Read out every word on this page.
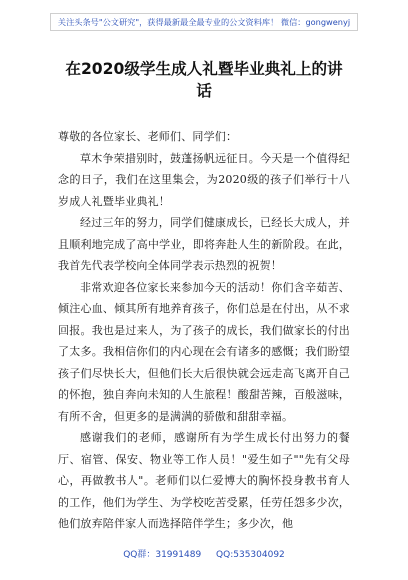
关注头条号"公文研究"，获得最新最全最专业的公文资料库！ 微信：gongwenyj
在2020级学生成人礼暨毕业典礼上的讲话

尊敬的各位家长、老师们、同学们：

草木争荣措别时，鼓蓬扬帆远征日。今天是一个值得纪念的日子，我们在这里集会，为2020级的孩子们举行十八岁成人礼暨毕业典礼！

经过三年的努力，同学们健康成长，已经长大成人，并且顺利地完成了高中学业，即将奔赴人生的新阶段。在此，我首先代表学校向全体同学表示热烈的祝贺！

非常欢迎各位家长来参加今天的活动！你们含辛茹苦、倾注心血、倾其所有地养育孩子，你们总是在付出，从不求回报。我也是过来人，为了孩子的成长，我们做家长的付出了太多。我相信你们的内心现在会有诸多的感慨；我们盼望孩子们尽快长大，但他们长大后很快就会远走高飞离开自己的怀抱，独自奔向未知的人生旅程！酸甜苦辣，百般滋味，有所不舍，但更多的是满满的骄傲和甜甜幸福。

感谢我们的老师，感谢所有为学生成长付出努力的餐厅、宿管、保安、物业等工作人员！"爱生如子""先有父母心，再做教书人"。老师们以仁爱博大的胸怀投身教书育人的工作，他们为学生、为学校吃苦受累，任劳任怨多少次，他们放弃陪伴家人而选择陪伴学生；多少次，他

QQ群：31991489 QQ:535304092
